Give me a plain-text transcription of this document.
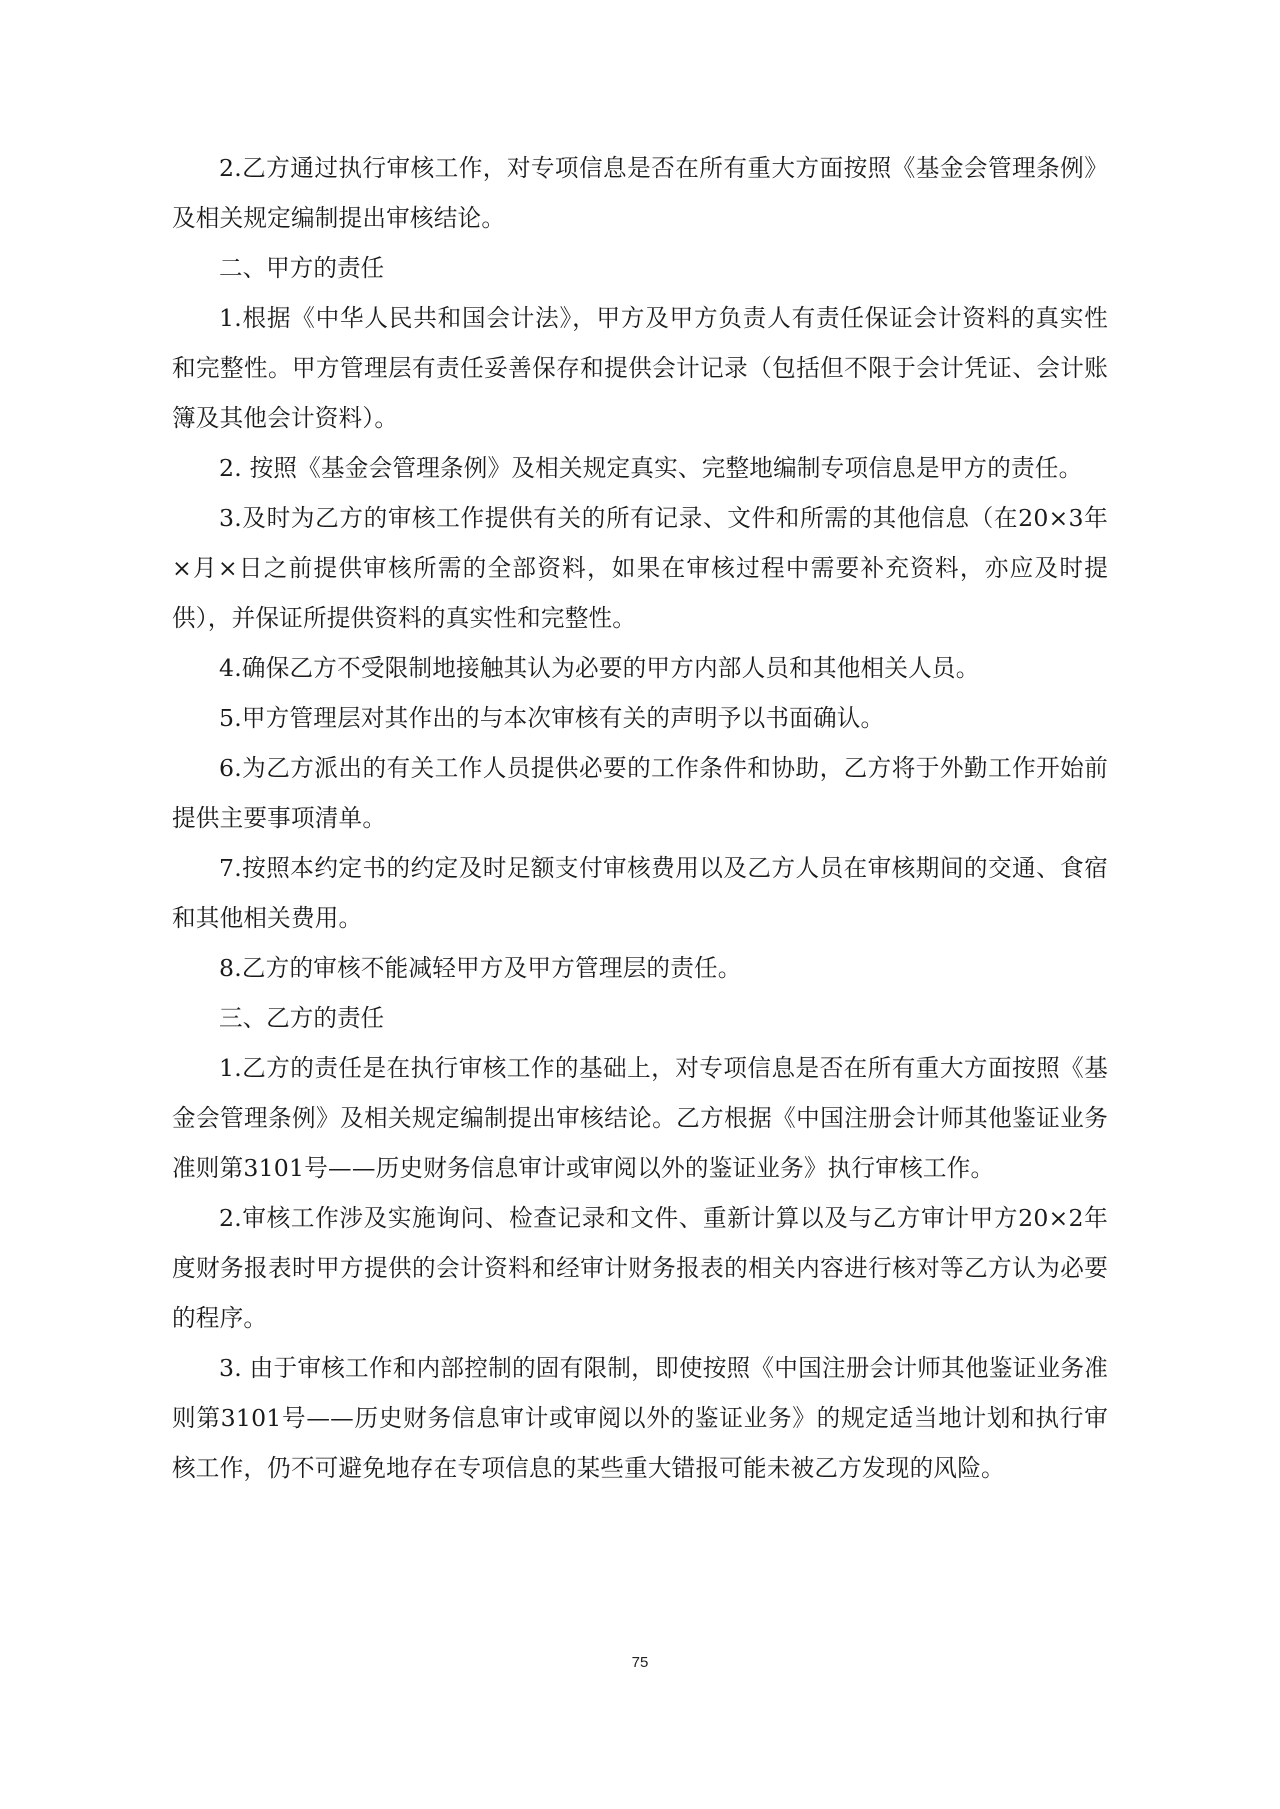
2.乙方通过执行审核工作，对专项信息是否在所有重大方面按照《基金会管理条例》及相关规定编制提出审核结论。

二、甲方的责任

1.根据《中华人民共和国会计法》，甲方及甲方负责人有责任保证会计资料的真实性和完整性。甲方管理层有责任妥善保存和提供会计记录（包括但不限于会计凭证、会计账簿及其他会计资料）。

2. 按照《基金会管理条例》及相关规定真实、完整地编制专项信息是甲方的责任。

3.及时为乙方的审核工作提供有关的所有记录、文件和所需的其他信息（在20×3年×月×日之前提供审核所需的全部资料，如果在审核过程中需要补充资料，亦应及时提供），并保证所提供资料的真实性和完整性。

4.确保乙方不受限制地接触其认为必要的甲方内部人员和其他相关人员。

5.甲方管理层对其作出的与本次审核有关的声明予以书面确认。

6.为乙方派出的有关工作人员提供必要的工作条件和协助，乙方将于外勤工作开始前提供主要事项清单。

7.按照本约定书的约定及时足额支付审核费用以及乙方人员在审核期间的交通、食宿和其他相关费用。

8.乙方的审核不能减轻甲方及甲方管理层的责任。

三、乙方的责任

1.乙方的责任是在执行审核工作的基础上，对专项信息是否在所有重大方面按照《基金会管理条例》及相关规定编制提出审核结论。乙方根据《中国注册会计师其他鉴证业务准则第3101号——历史财务信息审计或审阅以外的鉴证业务》执行审核工作。

2.审核工作涉及实施询问、检查记录和文件、重新计算以及与乙方审计甲方20×2年度财务报表时甲方提供的会计资料和经审计财务报表的相关内容进行核对等乙方认为必要的程序。

3. 由于审核工作和内部控制的固有限制，即使按照《中国注册会计师其他鉴证业务准则第3101号——历史财务信息审计或审阅以外的鉴证业务》的规定适当地计划和执行审核工作，仍不可避免地存在专项信息的某些重大错报可能未被乙方发现的风险。

75
